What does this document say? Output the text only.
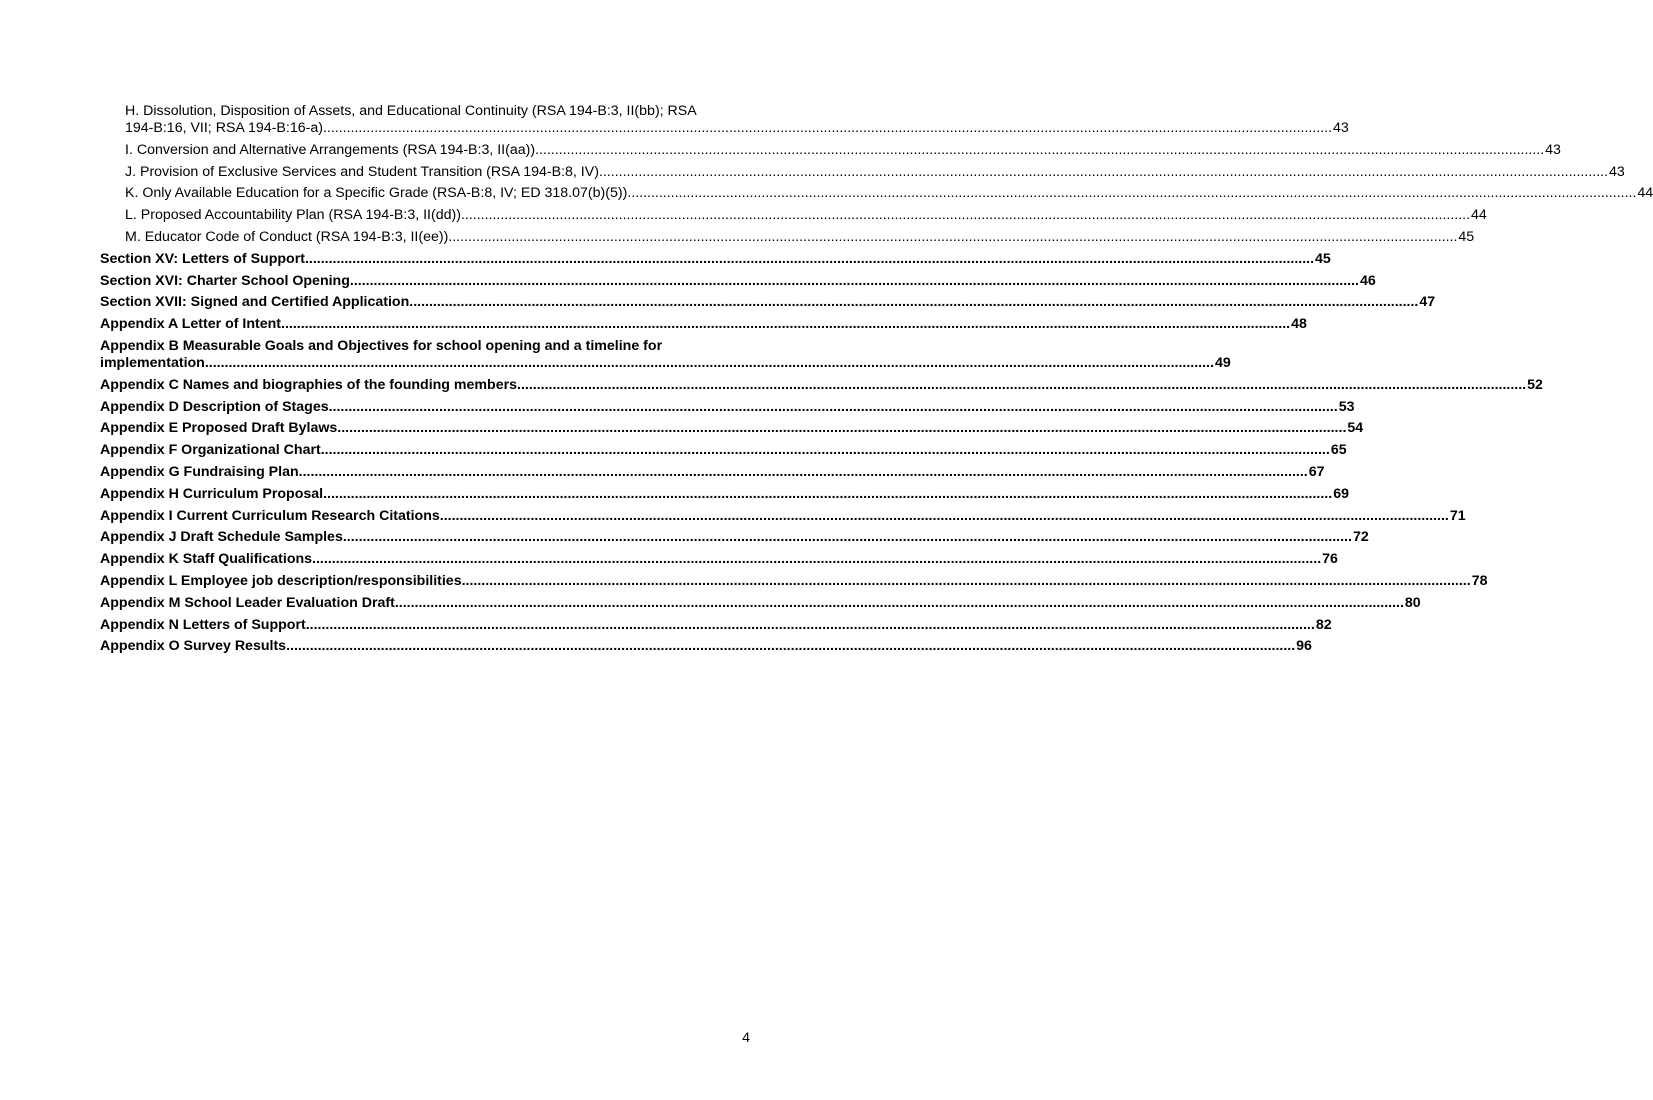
H. Dissolution, Disposition of Assets, and Educational Continuity (RSA 194-B:3, II(bb); RSA
194-B:16, VII; RSA 194-B:16-a) .....	43
I. Conversion and Alternative Arrangements (RSA 194-B:3, II(aa)) .....	43
J. Provision of Exclusive Services and Student Transition (RSA 194-B:8, IV) .....	43
K. Only Available Education for a Specific Grade (RSA-B:8, IV; ED 318.07(b)(5)) .....	44
L. Proposed Accountability Plan (RSA 194-B:3, II(dd)) .....	44
M. Educator Code of Conduct (RSA 194-B:3, II(ee)) .....	45
Section XV: Letters of Support .....	45
Section XVI: Charter School Opening .....	46
Section XVII: Signed and Certified Application .....	47
Appendix A Letter of Intent .....	48
Appendix B Measurable Goals and Objectives for school opening and a timeline for
implementation .....	49
Appendix C Names and biographies of the founding members .....	52
Appendix D Description of Stages .....	53
Appendix E Proposed Draft Bylaws .....	54
Appendix F Organizational Chart .....	65
Appendix G Fundraising Plan .....	67
Appendix H Curriculum Proposal .....	69
Appendix I Current Curriculum Research Citations .....	71
Appendix J Draft Schedule Samples .....	72
Appendix K Staff Qualifications .....	76
Appendix L Employee job description/responsibilities .....	78
Appendix M School Leader Evaluation Draft .....	80
Appendix N Letters of Support .....	82
Appendix O Survey Results .....	96
4
